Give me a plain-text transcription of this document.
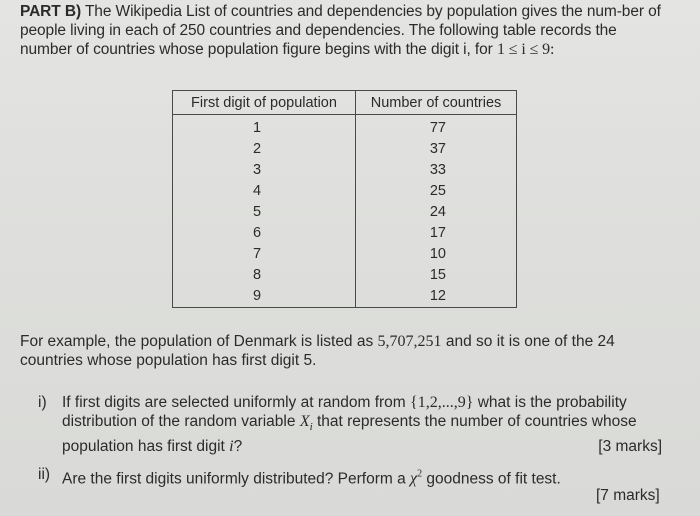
PART B) The Wikipedia List of countries and dependencies by population gives the num-ber of people living in each of 250 countries and dependencies. The following table records the number of countries whose population figure begins with the digit i, for 1 ≤ i ≤ 9:
First digit of population	Number of countries
1	77
2	37
3	33
4	25
5	24
6	17
7	10
8	15
9	12
For example, the population of Denmark is listed as 5,707,251 and so it is one of the 24 countries whose population has first digit 5.
i) If first digits are selected uniformly at random from {1,2,...,9} what is the probability distribution of the random variable $X_i$ that represents the number of countries whose population has first digit i?	[3 marks]
ii) Are the first digits uniformly distributed? Perform a $\chi^2$ goodness of fit test.
[7 marks]
